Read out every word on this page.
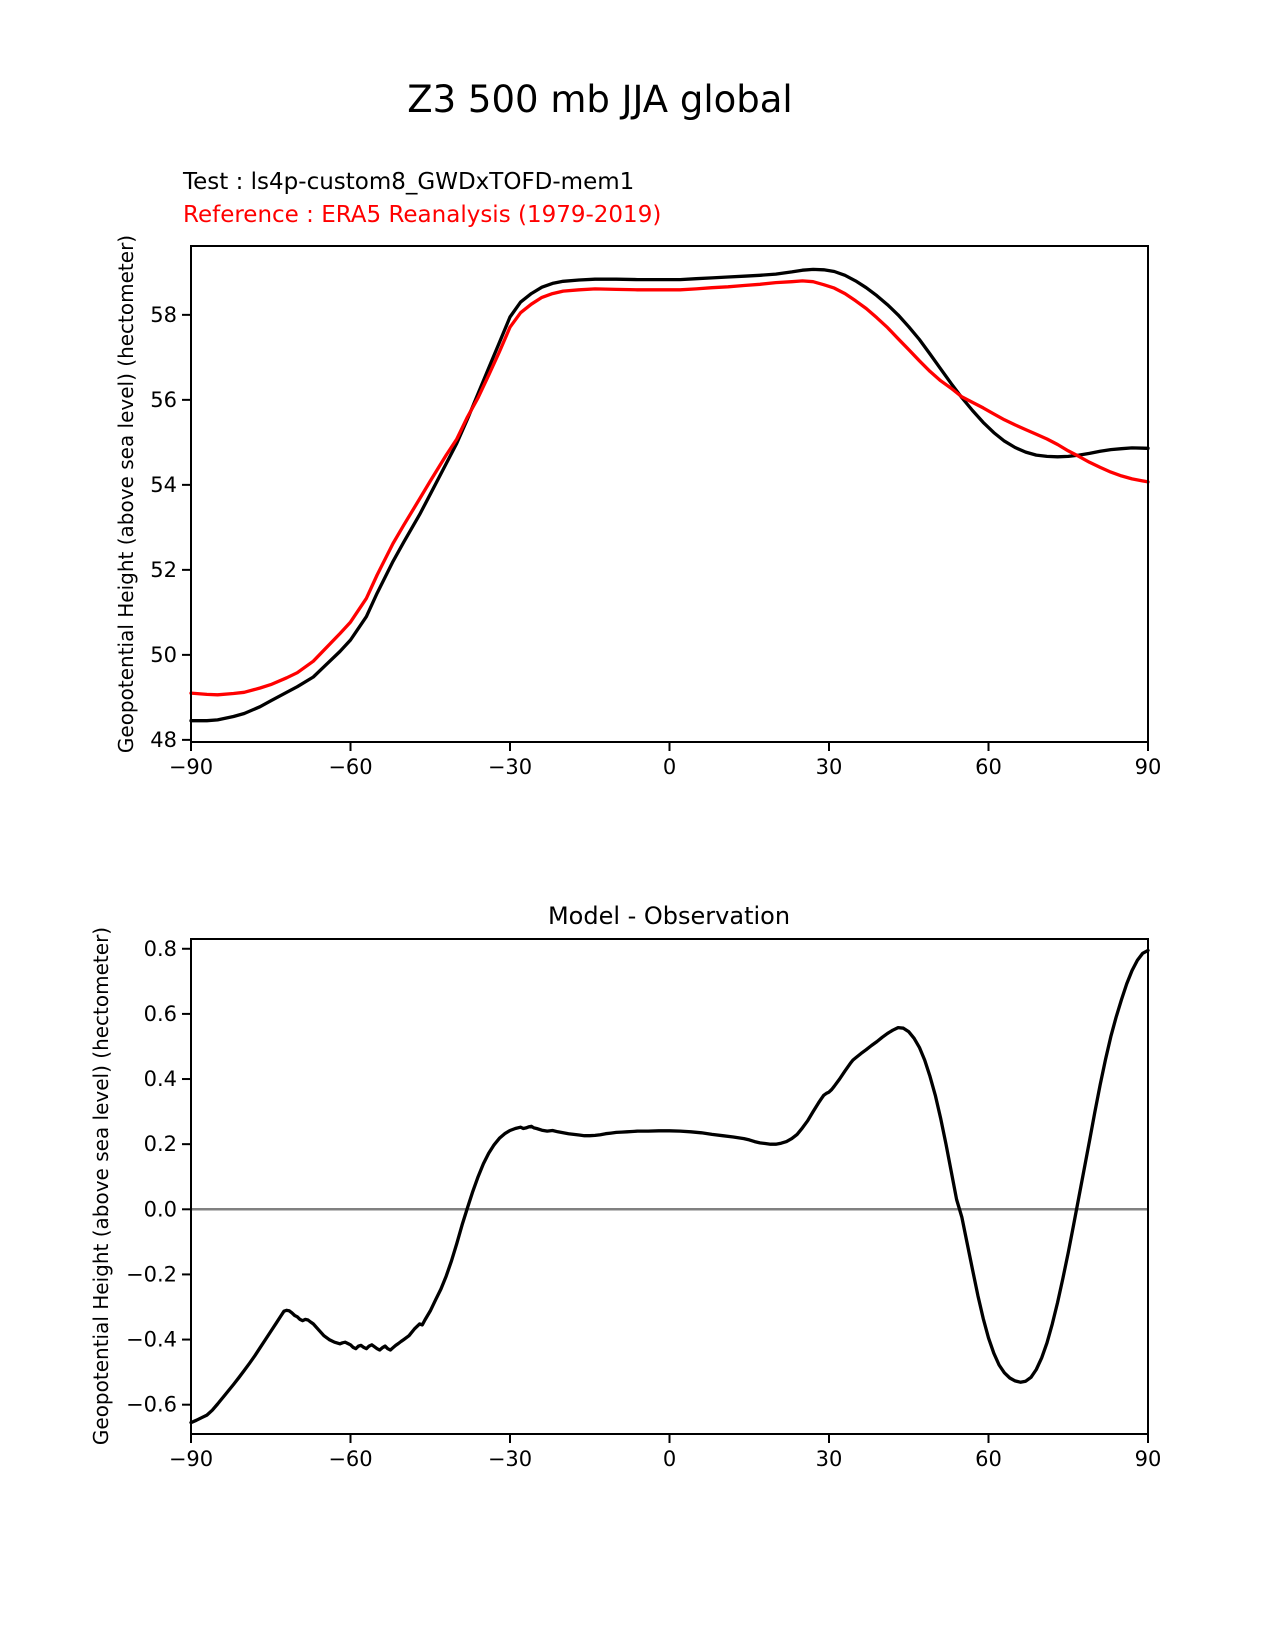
−90	−60	−30	0	30	60	90
48
50
52
54
56
58
−90	−60	−30	0	30	60	90
0.8
0.6
0.4
0.2
0.0
−0.2
−0.4
−0.6
Z3 500 mb JJA global
Test : ls4p-custom8_GWDxTOFD-mem1
Reference : ERA5 Reanalysis (1979-2019)
Geopotential Height (above sea level) (hectometer)
Model - Observation
Geopotential Height (above sea level) (hectometer)
